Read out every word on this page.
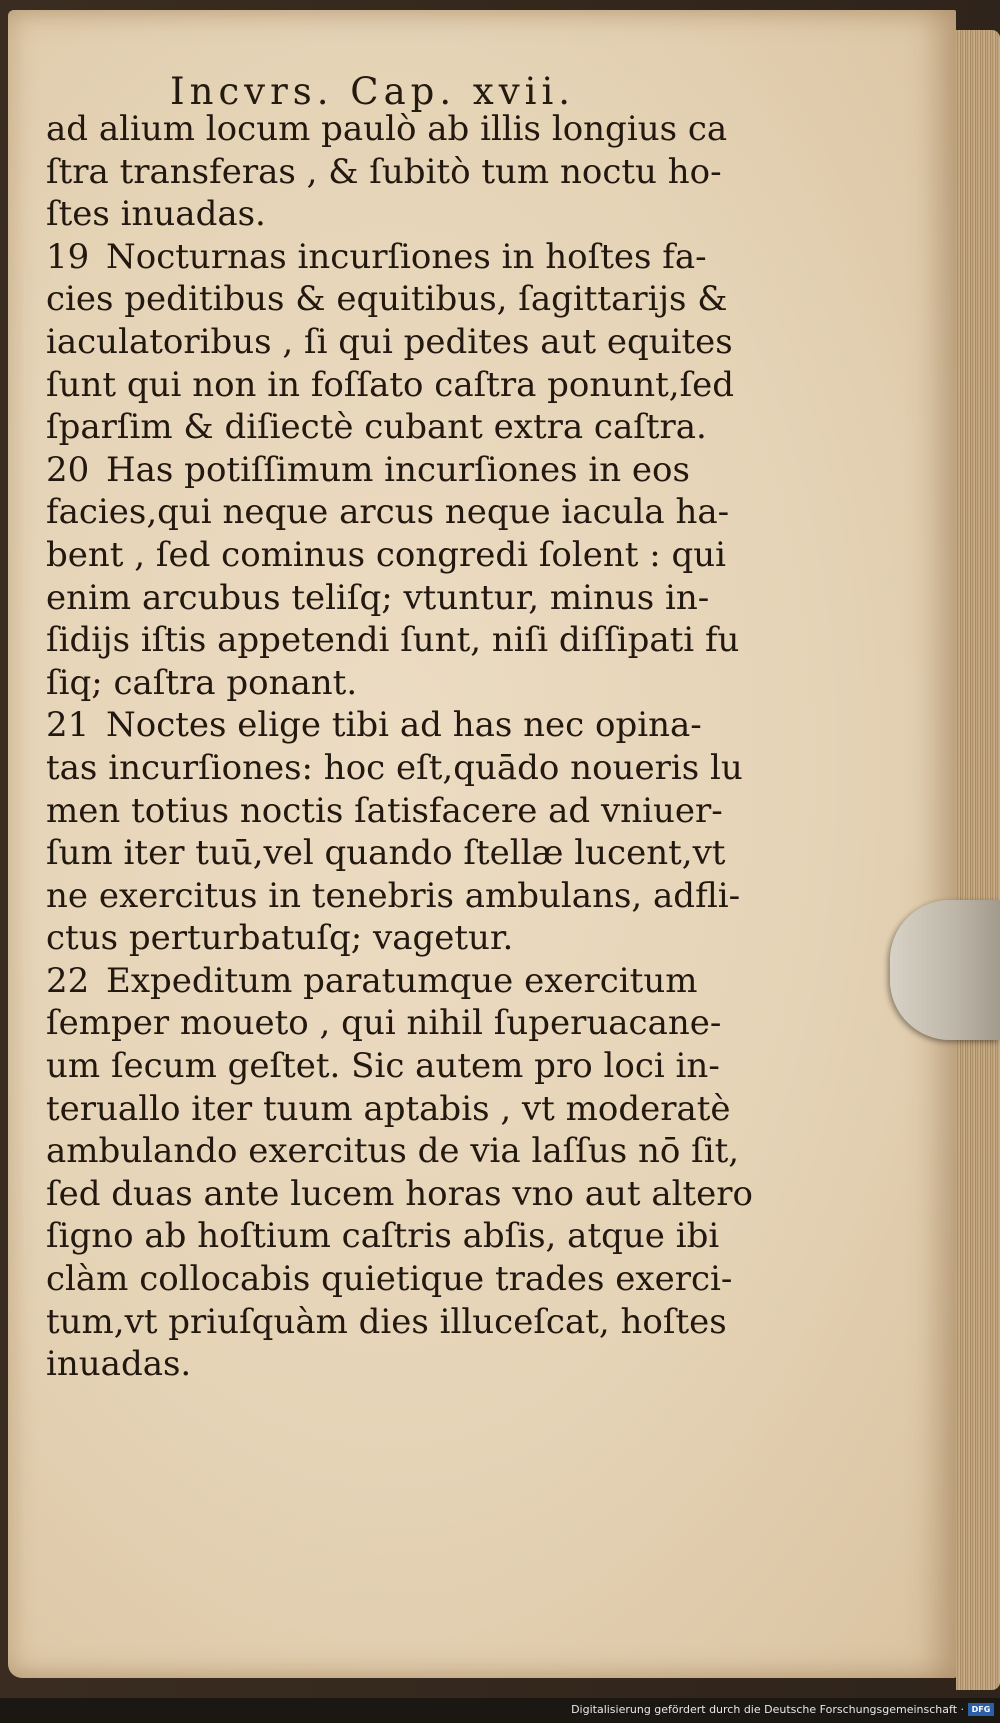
Incvrs. Cap. xvii.
ad alium locum paulò ab illis longius ca
ſtra transferas , & ſubitò tum noctu ho-
ſtes inuadas.
19 Nocturnas incurſiones in hoſtes fa-
cies peditibus & equitibus, ſagittarijs &
iaculatoribus , ſi qui pedites aut equites
ſunt qui non in foſſato caſtra ponunt,ſed
ſparſim & diſiectè cubant extra caſtra.
20 Has potiſſimum incurſiones in eos
facies,qui neque arcus neque iacula ha-
bent , ſed cominus congredi ſolent : qui
enim arcubus teliſq; vtuntur, minus in-
ſidijs iſtis appetendi ſunt, niſi diſſipati fu
ſiq; caſtra ponant.
21 Noctes elige tibi ad has nec opina-
tas incurſiones: hoc eſt,quādo noueris lu
men totius noctis ſatisfacere ad vniuer-
ſum iter tuū,vel quando ſtellæ lucent,vt
ne exercitus in tenebris ambulans, adfli-
ctus perturbatuſq; vagetur.
22 Expeditum paratumque exercitum
ſemper moueto , qui nihil ſuperuacane-
um ſecum geſtet. Sic autem pro loci in-
teruallo iter tuum aptabis , vt moderatè
ambulando exercitus de via laſſus nō ſit,
ſed duas ante lucem horas vno aut altero
ſigno ab hoſtium caſtris abſis, atque ibi
clàm collocabis quietique trades exerci-
tum,vt priuſquàm dies illuceſcat, hoſtes
inuadas.
Digitalisierung gefördert durch die Deutsche Forschungsgemeinschaft · DFG
